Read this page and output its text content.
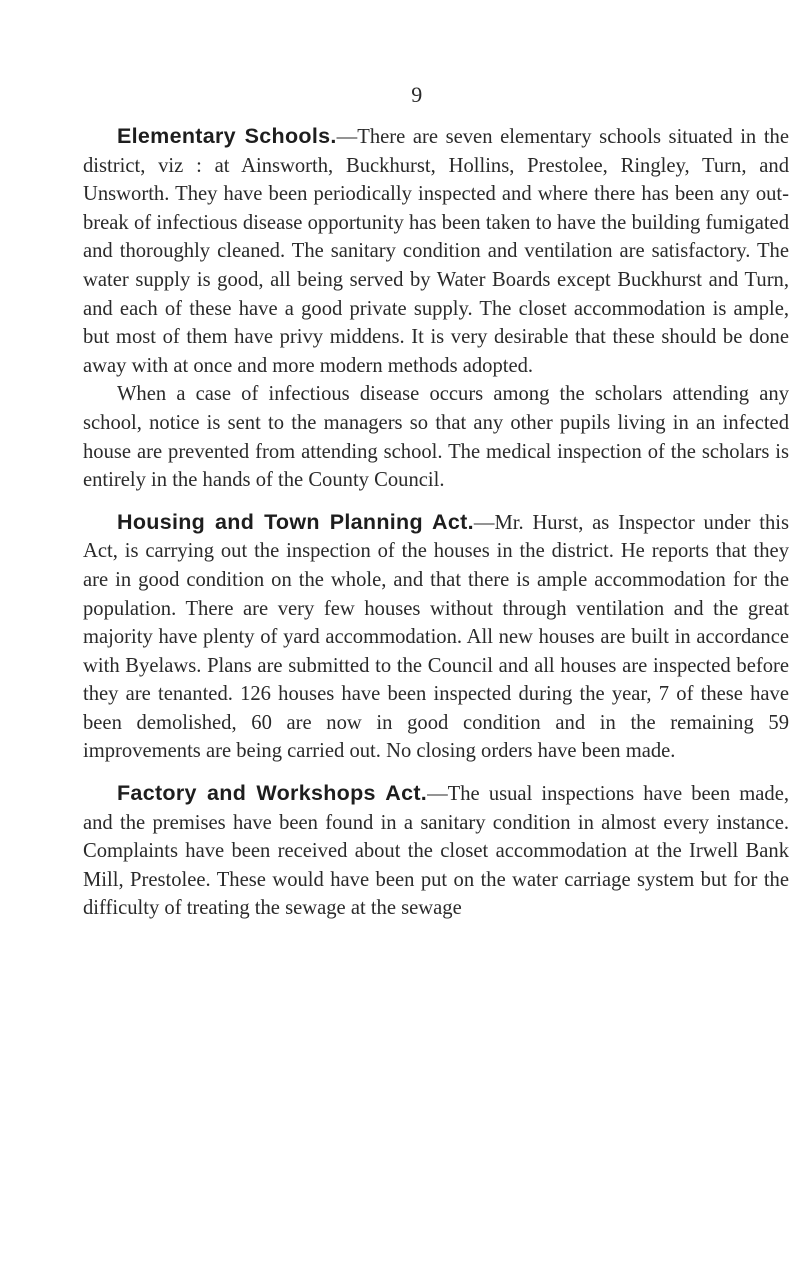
9

Elementary Schools.—There are seven elementary schools situated in the district, viz : at Ainsworth, Buckhurst, Hollins, Prestolee, Ringley, Turn, and Unsworth. They have been periodically inspected and where there has been any out-break of infectious disease opportunity has been taken to have the building fumigated and thoroughly cleaned. The sanitary condition and ventilation are satisfactory. The water supply is good, all being served by Water Boards except Buckhurst and Turn, and each of these have a good private supply. The closet accommodation is ample, but most of them have privy middens. It is very desirable that these should be done away with at once and more modern methods adopted.

When a case of infectious disease occurs among the scholars attending any school, notice is sent to the managers so that any other pupils living in an infected house are prevented from attending school. The medical inspection of the scholars is entirely in the hands of the County Council.

Housing and Town Planning Act.—Mr. Hurst, as Inspector under this Act, is carrying out the inspection of the houses in the district. He reports that they are in good condition on the whole, and that there is ample accommodation for the population. There are very few houses without through ventilation and the great majority have plenty of yard accommodation. All new houses are built in accordance with Byelaws. Plans are submitted to the Council and all houses are inspected before they are tenanted. 126 houses have been inspected during the year, 7 of these have been demolished, 60 are now in good condition and in the remaining 59 improvements are being carried out. No closing orders have been made.

Factory and Workshops Act.—The usual inspections have been made, and the premises have been found in a sanitary condition in almost every instance. Complaints have been received about the closet accommodation at the Irwell Bank Mill, Prestolee. These would have been put on the water carriage system but for the difficulty of treating the sewage at the sewage
